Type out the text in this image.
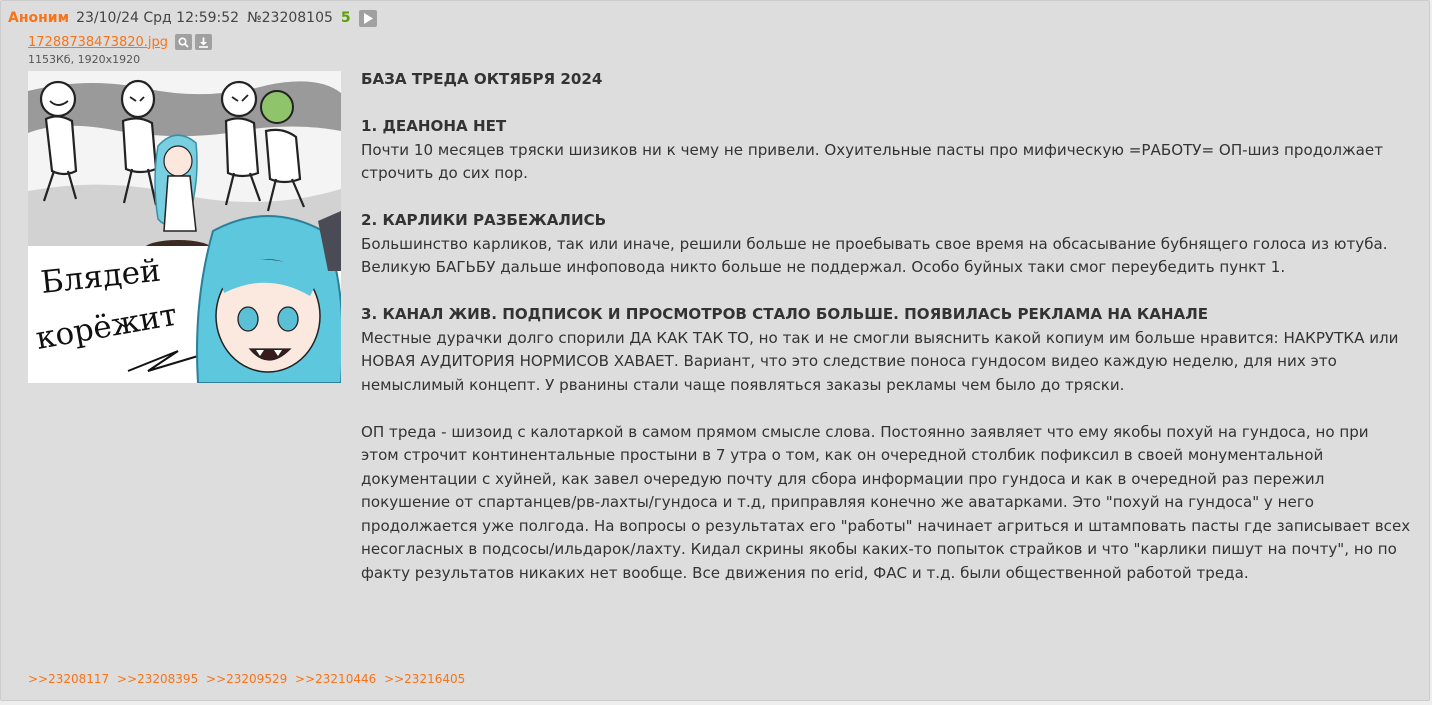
Аноним 23/10/24 Срд 12:59:52 №23208105 5
17288738473820.jpg
1153Кб, 1920x1920
Блядей
корёжит

БАЗА ТРЕДА ОКТЯБРЯ 2024

1. ДЕАНОНА НЕТ

Почти 10 месяцев тряски шизиков ни к чему не привели. Охуительные пасты про мифическую =РАБОТУ= ОП-шиз продолжает строчить до сих пор.

2. КАРЛИКИ РАЗБЕЖАЛИСЬ

Большинство карликов, так или иначе, решили больше не проебывать свое время на обсасывание бубнящего голоса из ютуба. Великую БАГЬБУ дальше инфоповода никто больше не поддержал. Особо буйных таки смог переубедить пункт 1.

3. КАНАЛ ЖИВ. ПОДПИСОК И ПРОСМОТРОВ СТАЛО БОЛЬШЕ. ПОЯВИЛАСЬ РЕКЛАМА НА КАНАЛЕ

Местные дурачки долго спорили ДА КАК ТАК ТО, но так и не смогли выяснить какой копиум им больше нравится: НАКРУТКА или НОВАЯ АУДИТОРИЯ НОРМИСОВ ХАВАЕТ. Вариант, что это следствие поноса гундосом видео каждую неделю, для них это немыслимый концепт. У рванины стали чаще появляться заказы рекламы чем было до тряски.

ОП треда - шизоид с калотаркой в самом прямом смысле слова. Постоянно заявляет что ему якобы похуй на гундоса, но при этом строчит континентальные простыни в 7 утра о том, как он очередной столбик пофиксил в своей монументальной документации с хуйней, как завел очередую почту для сбора информации про гундоса и как в очередной раз пережил покушение от спартанцев/рв-лахты/гундоса и т.д, приправляя конечно же аватарками. Это "похуй на гундоса" у него продолжается уже полгода. На вопросы о результатах его "работы" начинает агриться и штамповать пасты где записывает всех несогласных в подсосы/ильдарок/лахту. Кидал скрины якобы каких-то попыток страйков и что "карлики пишут на почту", но по факту результатов никаких нет вообще. Все движения по erid, ФАС и т.д. были общественной работой треда.

>>23208117 >>23208395 >>23209529 >>23210446 >>23216405
